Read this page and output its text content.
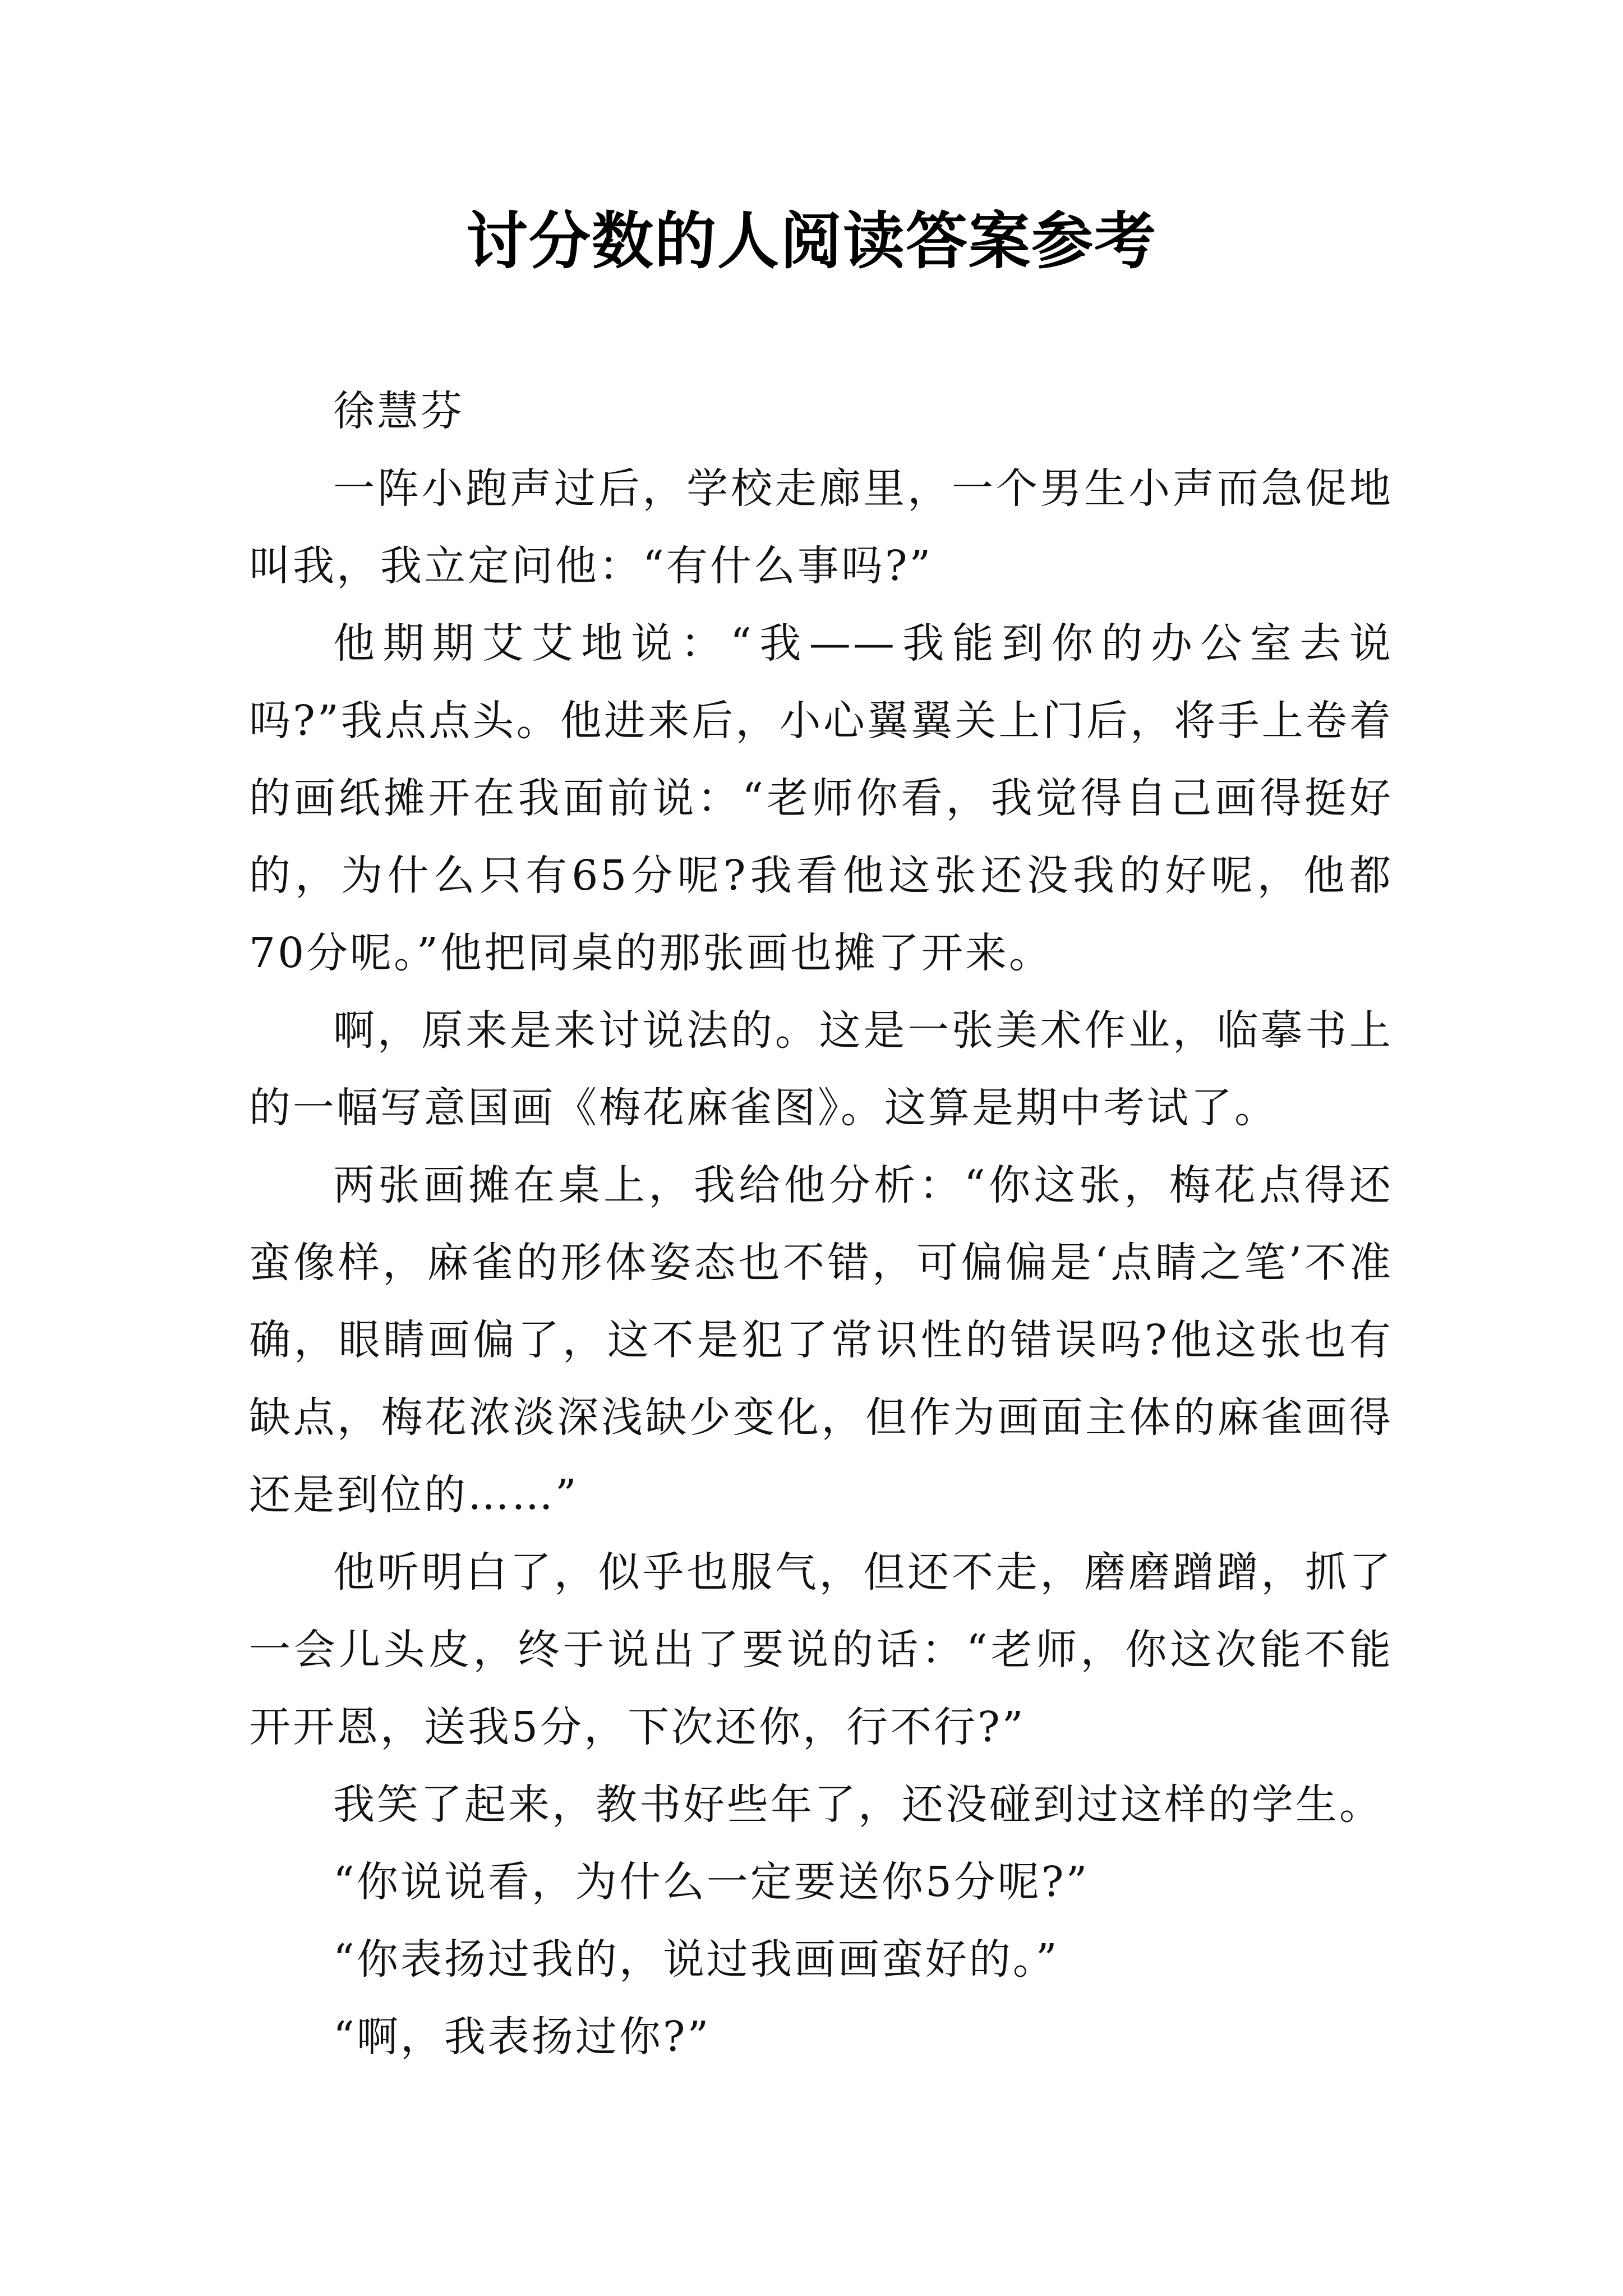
讨分数的人阅读答案参考

徐慧芬

一阵小跑声过后，学校走廊里，一个男生小声而急促地叫我，我立定问他：“有什么事吗?”

他期期艾艾地说：“我——我能到你的办公室去说吗?”我点点头。他进来后，小心翼翼关上门后，将手上卷着的画纸摊开在我面前说：“老师你看，我觉得自己画得挺好的，为什么只有65分呢?我看他这张还没我的好呢，他都70分呢。”他把同桌的那张画也摊了开来。

啊，原来是来讨说法的。这是一张美术作业，临摹书上的一幅写意国画《梅花麻雀图》。这算是期中考试了。

两张画摊在桌上，我给他分析：“你这张，梅花点得还蛮像样，麻雀的形体姿态也不错，可偏偏是‘点睛之笔’不准确，眼睛画偏了，这不是犯了常识性的错误吗?他这张也有缺点，梅花浓淡深浅缺少变化，但作为画面主体的麻雀画得还是到位的……”

他听明白了，似乎也服气，但还不走，磨磨蹭蹭，抓了一会儿头皮，终于说出了要说的话：“老师，你这次能不能开开恩，送我5分，下次还你，行不行?”

我笑了起来，教书好些年了，还没碰到过这样的学生。

“你说说看，为什么一定要送你5分呢?”

“你表扬过我的，说过我画画蛮好的。”

“啊，我表扬过你?”
